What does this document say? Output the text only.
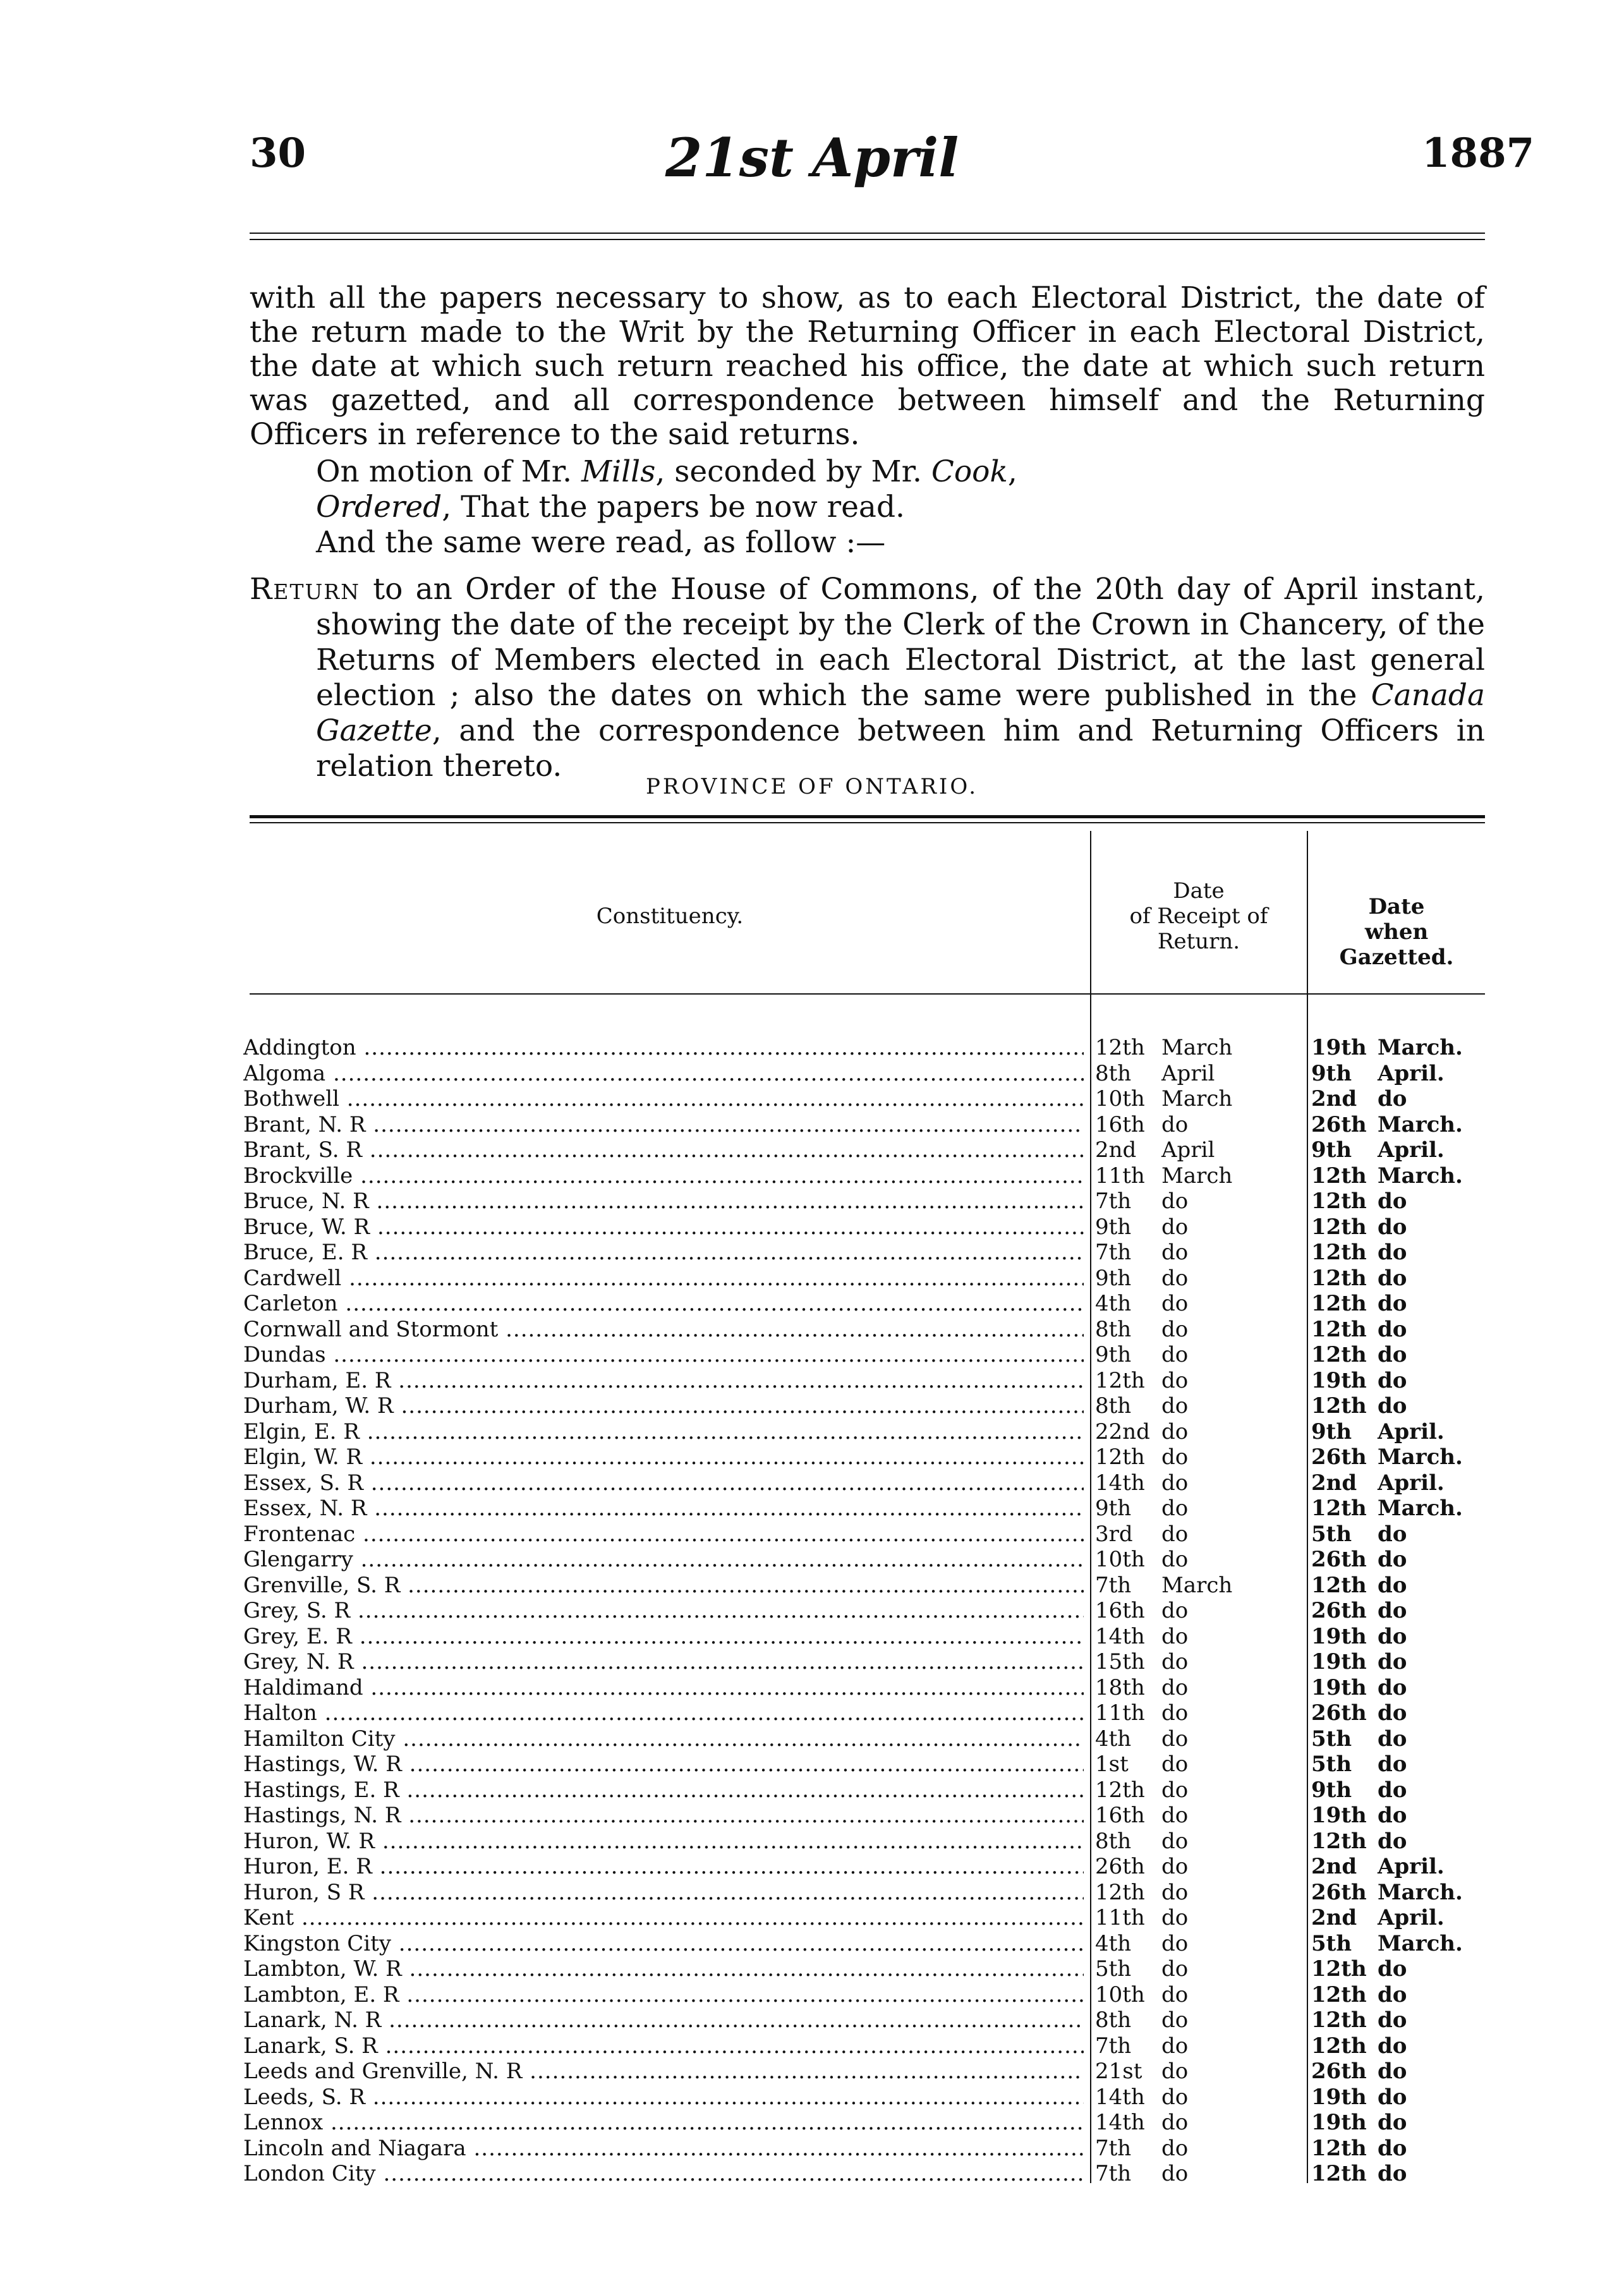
30	21st April	1887
with all the papers necessary to show, as to each Electoral District, the date of the return made to the Writ by the Returning Officer in each Electoral District, the date at which such return reached his office, the date at which such return was gazetted, and all correspondence between himself and the Returning Officers in reference to the said returns.
On motion of Mr. Mills, seconded by Mr. Cook,
Ordered, That the papers be now read.
And the same were read, as follow :—
Return to an Order of the House of Commons, of the 20th day of April instant, showing the date of the receipt by the Clerk of the Crown in Chancery, of the Returns of Members elected in each Electoral District, at the last general election ; also the dates on which the same were published in the Canada Gazette, and the correspondence between him and Returning Officers in relation thereto.
PROVINCE OF ONTARIO.
Constituency.
Date
of Receipt of
Return.
Date
when Gazetted.
Addington .....	12th March	19th March.
Algoma .....	8th April	9th April.
Bothwell .....	10th March	2nd do
Brant, N. R .....	16th do	26th March.
Brant, S. R .....	2nd April	9th April.
Brockville .....	11th March	12th March.
Bruce, N. R .....	7th do	12th do
Bruce, W. R .....	9th do	12th do
Bruce, E. R .....	7th do	12th do
Cardwell .....	9th do	12th do
Carleton .....	4th do	12th do
Cornwall and Stormont .....	8th do	12th do
Dundas .....	9th do	12th do
Durham, E. R .....	12th do	19th do
Durham, W. R .....	8th do	12th do
Elgin, E. R .....	22nd do	9th April.
Elgin, W. R .....	12th do	26th March.
Essex, S. R .....	14th do	2nd April.
Essex, N. R .....	9th do	12th March.
Frontenac .....	3rd do	5th do
Glengarry .....	10th do	26th do
Grenville, S. R .....	7th March	12th do
Grey, S. R .....	16th do	26th do
Grey, E. R .....	14th do	19th do
Grey, N. R .....	15th do	19th do
Haldimand .....	18th do	19th do
Halton .....	11th do	26th do
Hamilton City .....	4th do	5th do
Hastings, W. R .....	1st do	5th do
Hastings, E. R .....	12th do	9th do
Hastings, N. R .....	16th do	19th do
Huron, W. R .....	8th do	12th do
Huron, E. R .....	26th do	2nd April.
Huron, S R .....	12th do	26th March.
Kent .....	11th do	2nd April.
Kingston City .....	4th do	5th March.
Lambton, W. R .....	5th do	12th do
Lambton, E. R .....	10th do	12th do
Lanark, N. R .....	8th do	12th do
Lanark, S. R .....	7th do	12th do
Leeds and Grenville, N. R .....	21st do	26th do
Leeds, S. R .....	14th do	19th do
Lennox .....	14th do	19th do
Lincoln and Niagara .....	7th do	12th do
London City .....	7th do	12th do
